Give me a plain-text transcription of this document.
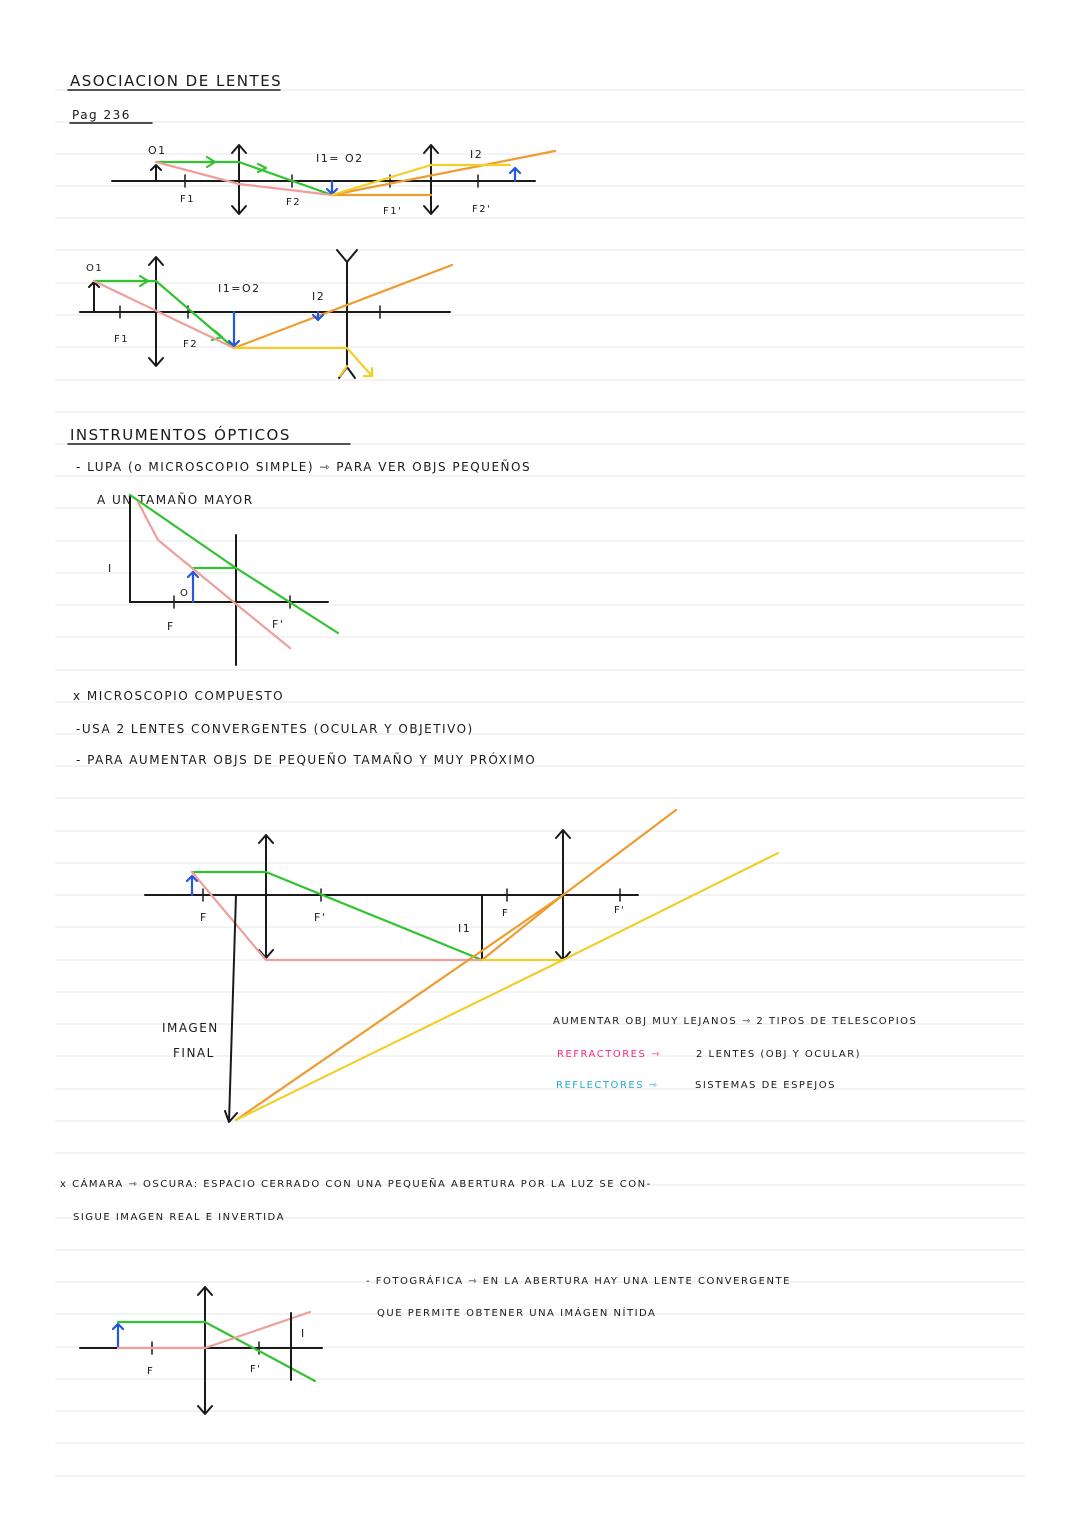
ASOCIACION DE LENTES
Pag 236
O1
I1= O2	I2
F1	F2
F1'	F2'
O1
I1=O2
I2
F1	F2
INSTRUMENTOS ÓPTICOS
- LUPA (o MICROSCOPIO SIMPLE) ⇾ PARA VER OBJS PEQUEÑOS
A UN TAMAÑO MAYOR
I
O
F	F'
x MICROSCOPIO COMPUESTO
-USA 2 LENTES CONVERGENTES (OCULAR Y OBJETIVO)
- PARA AUMENTAR OBJS DE PEQUEÑO TAMAÑO Y MUY PRÓXIMO
F	F'
I1
F	F'
IMAGEN
FINAL
AUMENTAR OBJ MUY LEJANOS ⇾ 2 TIPOS DE TELESCOPIOS
REFRACTORES ⇾	2 LENTES (OBJ Y OCULAR)
REFLECTORES ⇾	SISTEMAS DE ESPEJOS
x CÁMARA ⇾ OSCURA: ESPACIO CERRADO CON UNA PEQUEÑA ABERTURA POR LA LUZ SE CON-
SIGUE IMAGEN REAL E INVERTIDA
- FOTOGRÁFICA ⇾ EN LA ABERTURA HAY UNA LENTE CONVERGENTE
QUE PERMITE OBTENER UNA IMÁGEN NÍTIDA
I
F	F'
